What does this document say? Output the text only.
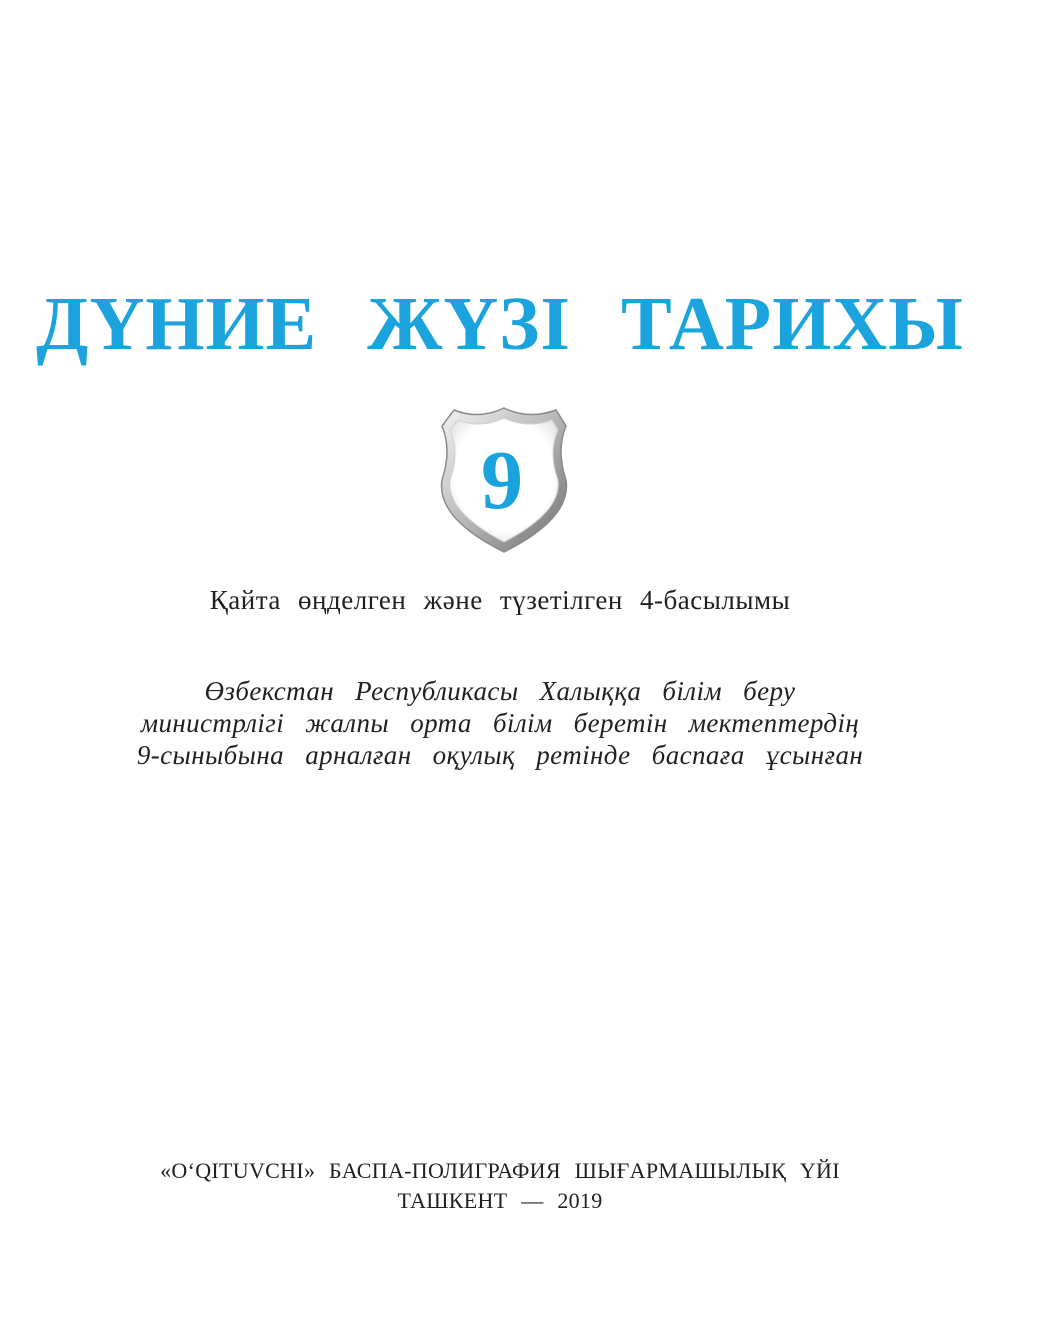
ДҮНИЕ ЖҮЗІ ТАРИХЫ
9
Қайта өңделген және түзетілген 4-басылымы
Өзбекстан Республикасы Халыққа білім беру
министрлігі жалпы орта білім беретін мектептердің
9-сыныбына арналған оқулық ретінде баспаға ұсынған
«O‘QITUVCHI» БАСПА-ПОЛИГРАФИЯ ШЫҒАРМАШЫЛЫҚ ҮЙІ
ТАШКЕНТ — 2019
